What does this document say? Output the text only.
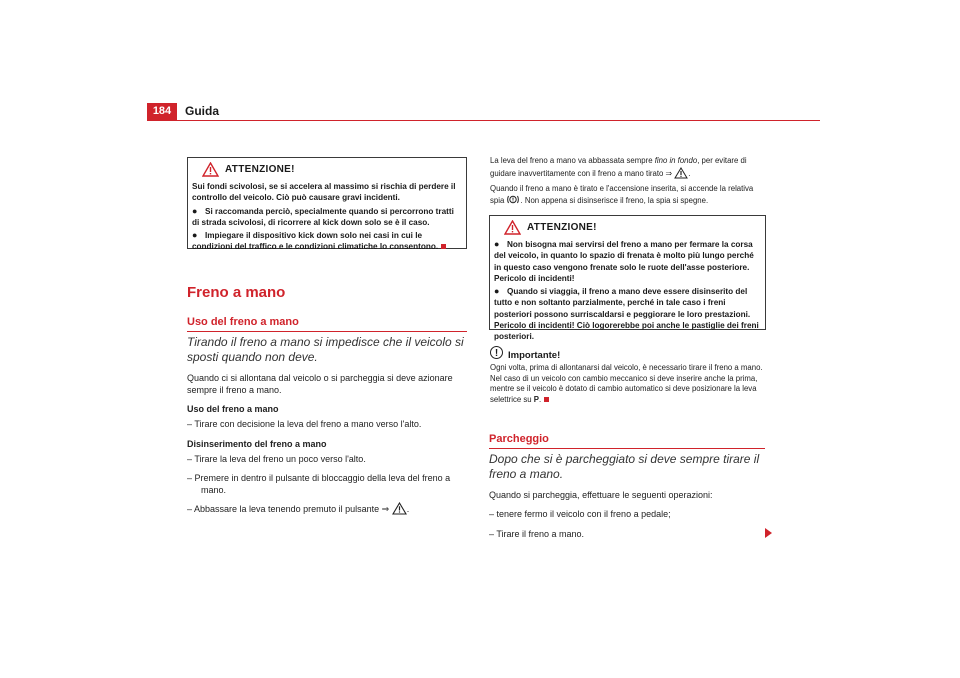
184	Guida
ATTENZIONE!

Sui fondi scivolosi, se si accelera al massimo si rischia di perdere il controllo del veicolo. Ciò può causare gravi incidenti.

● Si raccomanda perciò, specialmente quando si percorrono tratti di strada scivolosi, di ricorrere al kick down solo se è il caso.

● Impiegare il dispositivo kick down solo nei casi in cui le condizioni del traffico e le condizioni climatiche lo consentono.

Freno a mano
Uso del freno a mano
Tirando il freno a mano si impedisce che il veicolo si sposti quando non deve.

Quando ci si allontana dal veicolo o si parcheggia si deve azionare sempre il freno a mano.

Uso del freno a mano

– Tirare con decisione la leva del freno a mano verso l'alto.

Disinserimento del freno a mano

– Tirare la leva del freno un poco verso l'alto.

– Premere in dentro il pulsante di bloccaggio della leva del freno a mano.

– Abbassare la leva tenendo premuto il pulsante ⇒ .

La leva del freno a mano va abbassata sempre fino in fondo, per evitare di guidare inavvertitamente con il freno a mano tirato ⇒ .

Quando il freno a mano è tirato e l'accensione inserita, si accende la relativa spia . Non appena si disinserisce il freno, la spia si spegne.

ATTENZIONE!

● Non bisogna mai servirsi del freno a mano per fermare la corsa del veicolo, in quanto lo spazio di frenata è molto più lungo perché in questo caso vengono frenate solo le ruote dell'asse posteriore. Pericolo di incidenti!

● Quando si viaggia, il freno a mano deve essere disinserito del tutto e non soltanto parzialmente, perché in tale caso i freni posteriori possono surriscaldarsi e peggiorare le loro prestazioni. Pericolo di incidenti! Ciò logorerebbe poi anche le pastiglie dei freni posteriori.

!	Importante!
Ogni volta, prima di allontanarsi dal veicolo, è necessario tirare il freno a mano. Nel caso di un veicolo con cambio meccanico si deve inserire anche la prima, mentre se il veicolo è dotato di cambio automatico si deve posizionare la leva selettrice su P.
Parcheggio
Dopo che si è parcheggiato si deve sempre tirare il freno a mano.

Quando si parcheggia, effettuare le seguenti operazioni:

– tenere fermo il veicolo con il freno a pedale;

– Tirare il freno a mano.
